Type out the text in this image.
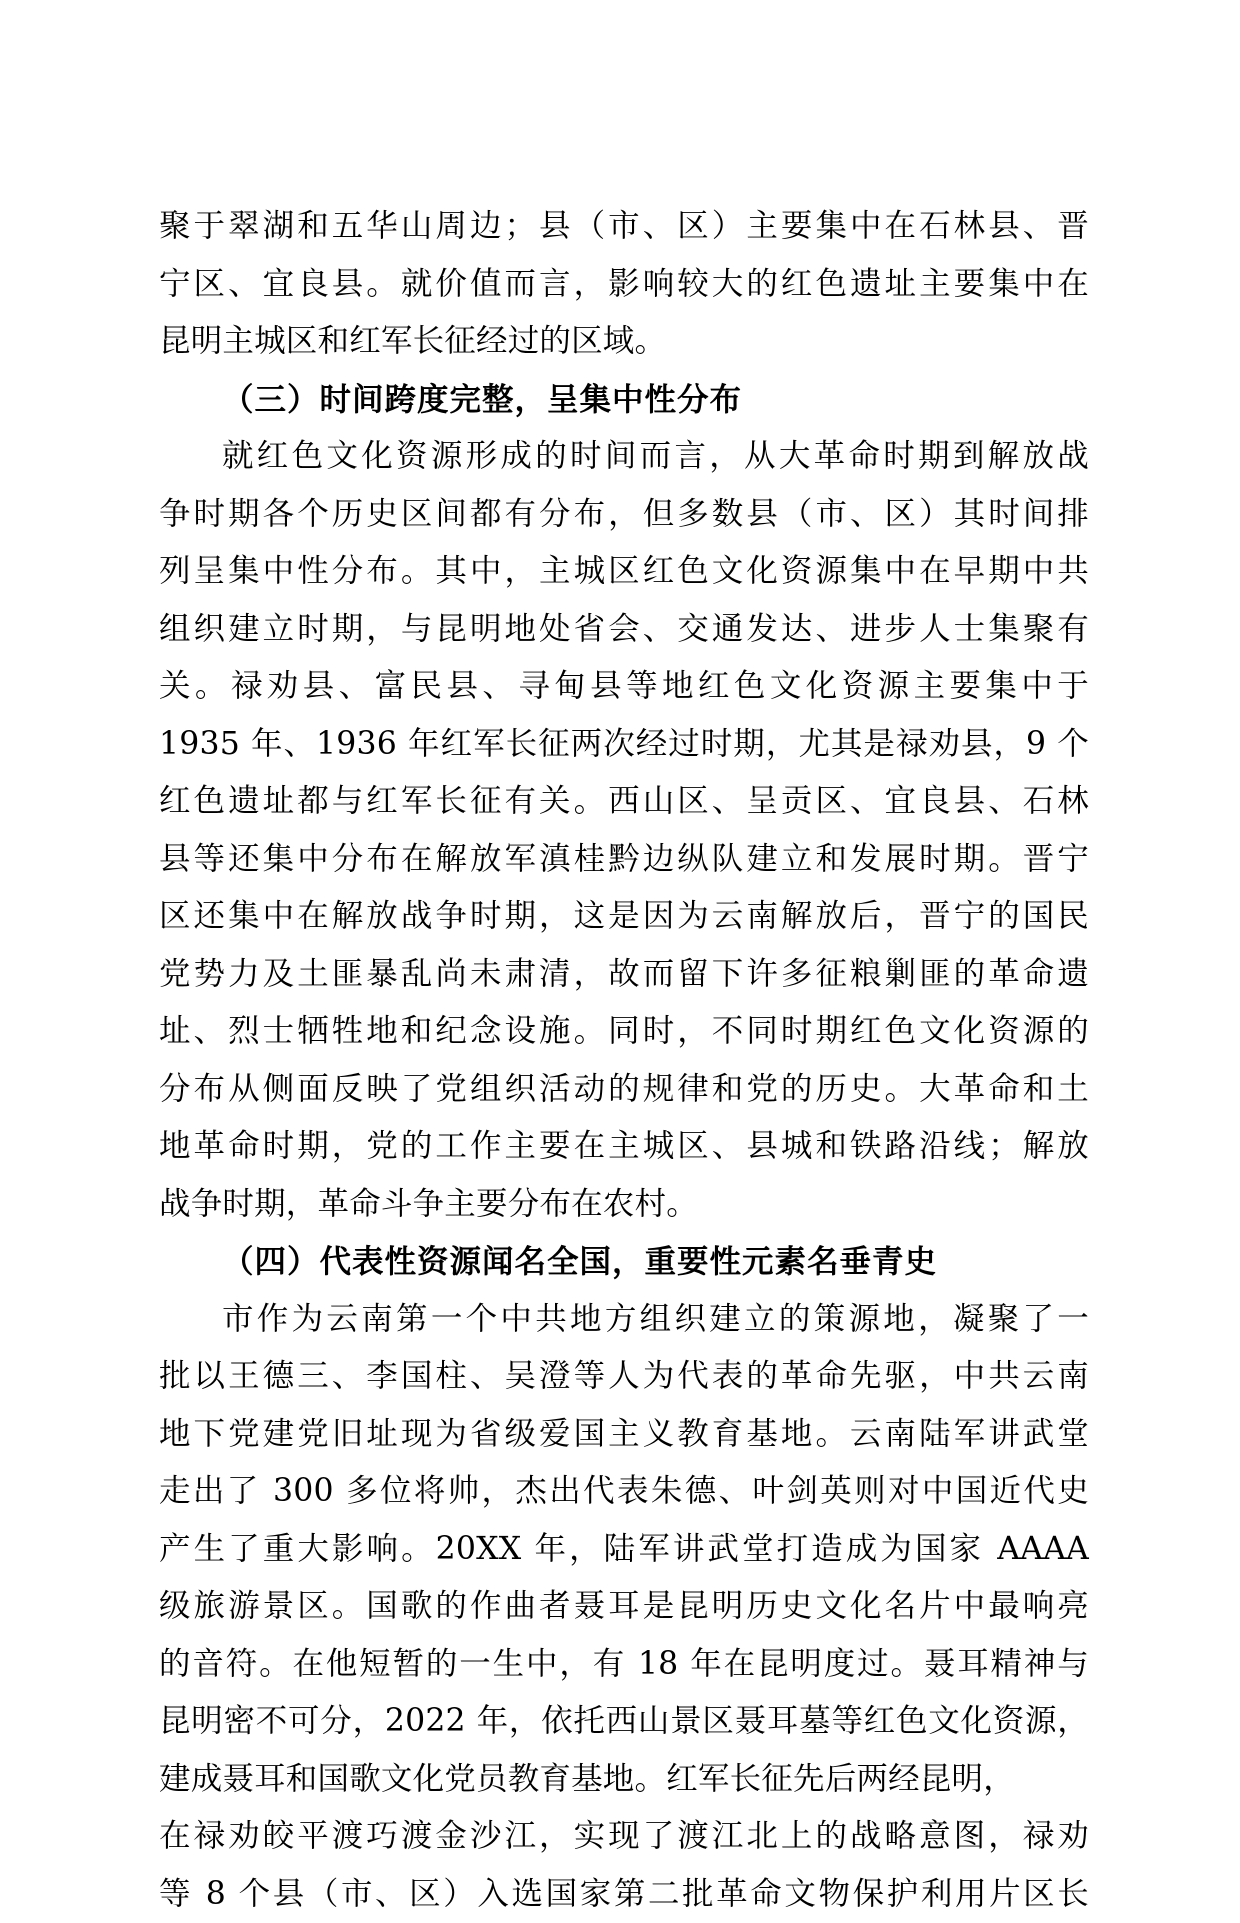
聚于翠湖和五华山周边；县（市、区）主要集中在石林县、晋
宁区、宜良县。就价值而言，影响较大的红色遗址主要集中在
昆明主城区和红军长征经过的区域。
（三）时间跨度完整，呈集中性分布
就红色文化资源形成的时间而言，从大革命时期到解放战
争时期各个历史区间都有分布，但多数县（市、区）其时间排
列呈集中性分布。其中，主城区红色文化资源集中在早期中共
组织建立时期，与昆明地处省会、交通发达、进步人士集聚有
关。禄劝县、富民县、寻甸县等地红色文化资源主要集中于
1935 年、1936 年红军长征两次经过时期，尤其是禄劝县，9 个
红色遗址都与红军长征有关。西山区、呈贡区、宜良县、石林
县等还集中分布在解放军滇桂黔边纵队建立和发展时期。晋宁
区还集中在解放战争时期，这是因为云南解放后，晋宁的国民
党势力及土匪暴乱尚未肃清，故而留下许多征粮剿匪的革命遗
址、烈士牺牲地和纪念设施。同时，不同时期红色文化资源的
分布从侧面反映了党组织活动的规律和党的历史。大革命和土
地革命时期，党的工作主要在主城区、县城和铁路沿线；解放
战争时期，革命斗争主要分布在农村。
（四）代表性资源闻名全国，重要性元素名垂青史
市作为云南第一个中共地方组织建立的策源地，凝聚了一
批以王德三、李国柱、吴澄等人为代表的革命先驱，中共云南
地下党建党旧址现为省级爱国主义教育基地。云南陆军讲武堂
走出了 300 多位将帅，杰出代表朱德、叶剑英则对中国近代史
产生了重大影响。20XX 年，陆军讲武堂打造成为国家 AAAA
级旅游景区。国歌的作曲者聂耳是昆明历史文化名片中最响亮
的音符。在他短暂的一生中，有 18 年在昆明度过。聂耳精神与
昆明密不可分，2022 年，依托西山景区聂耳墓等红色文化资源，
建成聂耳和国歌文化党员教育基地。红军长征先后两经昆明，
在禄劝皎平渡巧渡金沙江，实现了渡江北上的战略意图，禄劝
等 8 个县（市、区）入选国家第二批革命文物保护利用片区长
